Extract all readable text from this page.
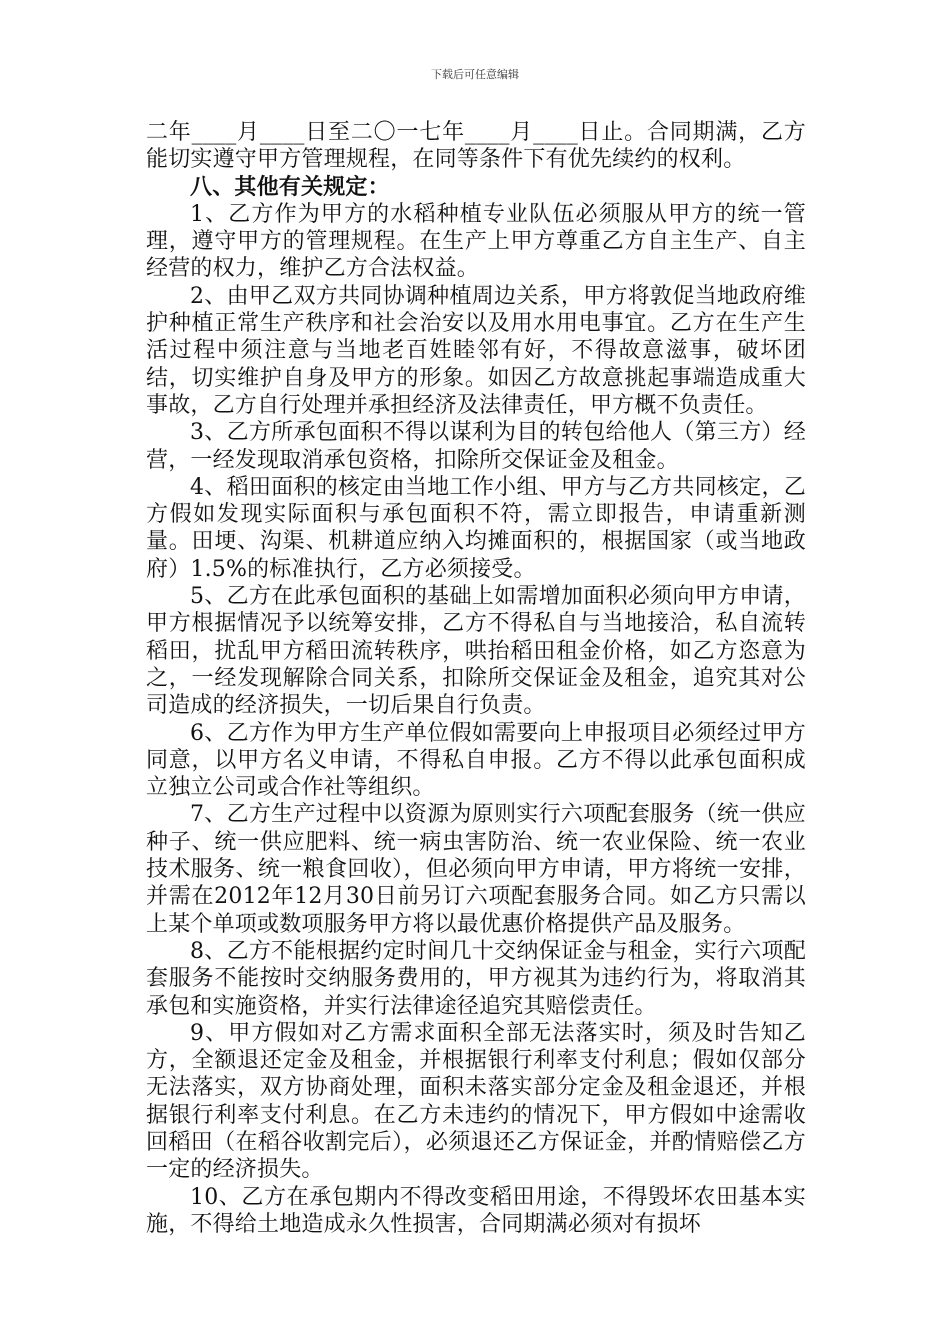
下载后可任意编辑

二年____月____日至二〇一七年____月____日止。合同期满，乙方能切实遵守甲方管理规程，在同等条件下有优先续约的权利。

八、其他有关规定：

1、乙方作为甲方的水稻种植专业队伍必须服从甲方的统一管理，遵守甲方的管理规程。在生产上甲方尊重乙方自主生产、自主经营的权力，维护乙方合法权益。

2、由甲乙双方共同协调种植周边关系，甲方将敦促当地政府维护种植正常生产秩序和社会治安以及用水用电事宜。乙方在生产生活过程中须注意与当地老百姓睦邻有好，不得故意滋事，破坏团结，切实维护自身及甲方的形象。如因乙方故意挑起事端造成重大事故，乙方自行处理并承担经济及法律责任，甲方概不负责任。

3、乙方所承包面积不得以谋利为目的转包给他人（第三方）经营，一经发现取消承包资格，扣除所交保证金及租金。

4、稻田面积的核定由当地工作小组、甲方与乙方共同核定，乙方假如发现实际面积与承包面积不符，需立即报告，申请重新测量。田埂、沟渠、机耕道应纳入均摊面积的，根据国家（或当地政府）1.5%的标准执行，乙方必须接受。

5、乙方在此承包面积的基础上如需增加面积必须向甲方申请，甲方根据情况予以统筹安排，乙方不得私自与当地接洽，私自流转稻田，扰乱甲方稻田流转秩序，哄抬稻田租金价格，如乙方恣意为之，一经发现解除合同关系，扣除所交保证金及租金，追究其对公司造成的经济损失，一切后果自行负责。

6、乙方作为甲方生产单位假如需要向上申报项目必须经过甲方同意，以甲方名义申请，不得私自申报。乙方不得以此承包面积成立独立公司或合作社等组织。

7、乙方生产过程中以资源为原则实行六项配套服务（统一供应种子、统一供应肥料、统一病虫害防治、统一农业保险、统一农业技术服务、统一粮食回收），但必须向甲方申请，甲方将统一安排，并需在2012年12月30日前另订六项配套服务合同。如乙方只需以上某个单项或数项服务甲方将以最优惠价格提供产品及服务。

8、乙方不能根据约定时间几十交纳保证金与租金，实行六项配套服务不能按时交纳服务费用的，甲方视其为违约行为，将取消其承包和实施资格，并实行法律途径追究其赔偿责任。

9、甲方假如对乙方需求面积全部无法落实时，须及时告知乙方，全额退还定金及租金，并根据银行利率支付利息；假如仅部分无法落实，双方协商处理，面积未落实部分定金及租金退还，并根据银行利率支付利息。在乙方未违约的情况下，甲方假如中途需收回稻田（在稻谷收割完后），必须退还乙方保证金，并酌情赔偿乙方一定的经济损失。

10、乙方在承包期内不得改变稻田用途，不得毁坏农田基本实施，不得给土地造成永久性损害，合同期满必须对有损坏
